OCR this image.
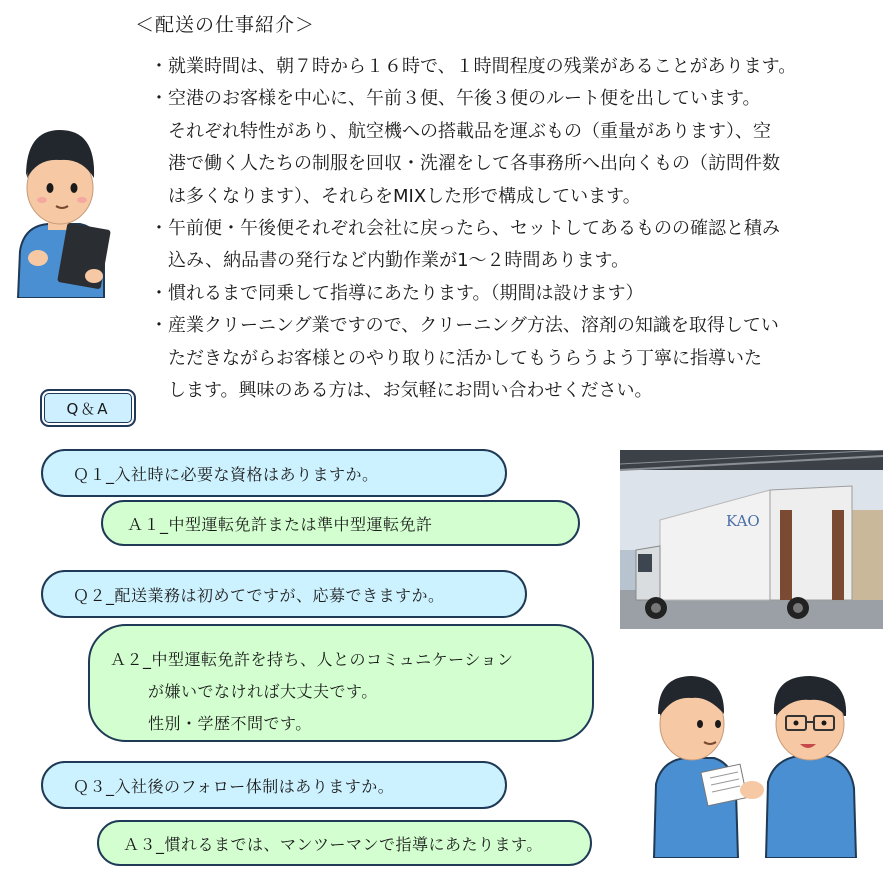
＜配送の仕事紹介＞
・ 就業時間は、朝７時から１６時で、１時間程度の残業があることがあります。
・ 空港のお客様を中心に、午前３便、午後３便のルート便を出しています。
それぞれ特性があり、航空機への搭載品を運ぶもの（重量があります）、空
港で働く人たちの制服を回収・洗濯をして各事務所へ出向くもの（訪問件数
は多くなります）、それらをMIXした形で構成しています。
・ 午前便・午後便それぞれ会社に戻ったら、セットしてあるものの確認と積み
込み、納品書の発行など内勤作業が1～２時間あります。
・ 慣れるまで同乗して指導にあたります。（期間は設けます）
・ 産業クリーニング業ですので、クリーニング方法、溶剤の知識を取得してい
ただきながらお客様とのやり取りに活かしてもうらうよう丁寧に指導いた
します。興味のある方は、お気軽にお問い合わせください。
Q＆A
Ｑ１_入社時に必要な資格はありますか。
Ａ１_中型運転免許または準中型運転免許
Ｑ２_配送業務は初めてですが、応募できますか。
Ａ２_中型運転免許を持ち、人とのコミュニケーション
が嫌いでなければ大丈夫です。
性別・学歴不問です。
Ｑ３_入社後のフォロー体制はありますか。
Ａ３_慣れるまでは、マンツーマンで指導にあたります。
KAO
